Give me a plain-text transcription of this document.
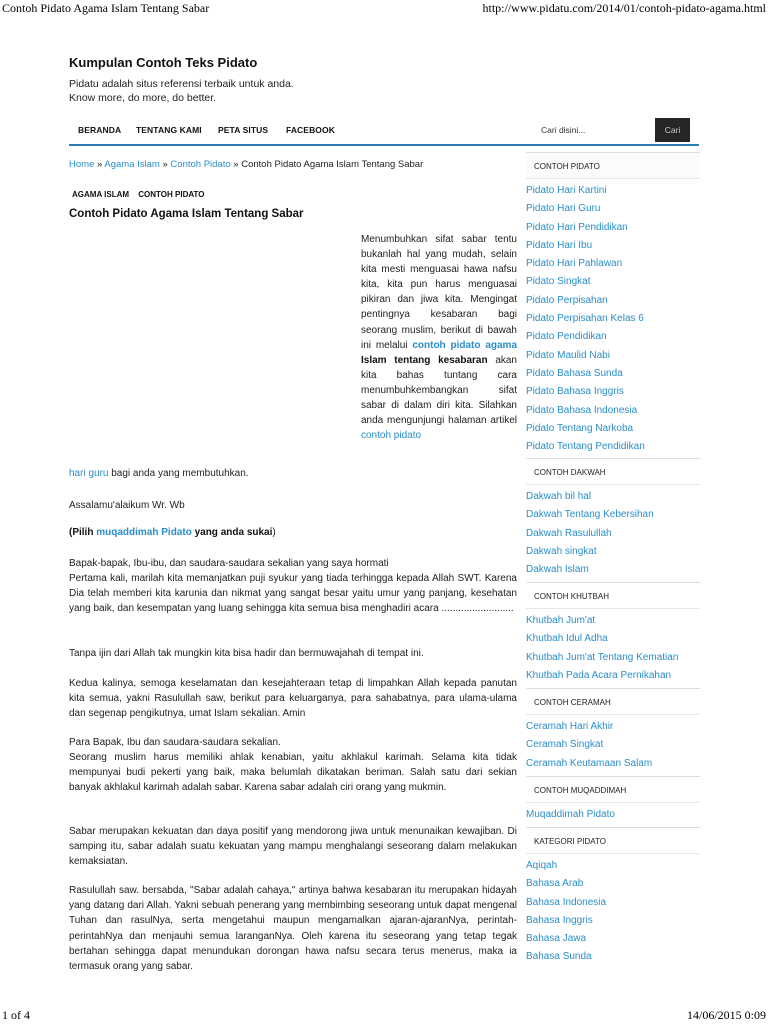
Contoh Pidato Agama Islam Tentang Sabar	http://www.pidatu.com/2014/01/contoh-pidato-agama.html
Kumpulan Contoh Teks Pidato
Pidatu adalah situs referensi terbaik untuk anda. Know more, do more, do better.
BERANDA TENTANG KAMI PETA SITUS FACEBOOK
Cari disini...	Cari
Home » Agama Islam » Contoh Pidato » Contoh Pidato Agama Islam Tentang Sabar
AGAMA ISLAM CONTOH PIDATO
Contoh Pidato Agama Islam Tentang Sabar
Menumbuhkan sifat sabar tentu bukanlah hal yang mudah, selain kita mesti menguasai hawa nafsu kita, kita pun harus menguasai pikiran dan jiwa kita. Mengingat pentingnya kesabaran bagi seorang muslim, berikut di bawah ini melalui contoh pidato agama Islam tentang kesabaran akan kita bahas tuntang cara menumbuhkembangkan sifat sabar di dalam diri kita. Silahkan anda mengunjungi halaman artikel contoh pidato
hari guru bagi anda yang membutuhkan.
Assalamu'alaikum Wr. Wb
(Pilih muqaddimah Pidato yang anda sukai)
Bapak-bapak, Ibu-ibu, dan saudara-saudara sekalian yang saya hormati
Pertama kali, marilah kita memanjatkan puji syukur yang tiada terhingga kepada Allah SWT. Karena Dia telah memberi kita karunia dan nikmat yang sangat besar yaitu umur yang panjang, kesehatan yang baik, dan kesempatan yang luang sehingga kita semua bisa menghadiri acara ..........................
Tanpa ijin dari Allah tak mungkin kita bisa hadir dan bermuwajahah di tempat ini.
Kedua kalinya, semoga keselamatan dan kesejahteraan tetap di limpahkan Allah kepada panutan kita semua, yakni Rasulullah saw, berikut para keluarganya, para sahabatnya, para ulama-ulama dan segenap pengikutnya, umat Islam sekalian. Amin
Para Bapak, Ibu dan saudara-saudara sekalian.
Seorang muslim harus memiliki ahlak kenabian, yaitu akhlakul karimah. Selama kita tidak mempunyai budi pekerti yang baik, maka belumlah dikatakan beriman. Salah satu dari sekian banyak akhlakul karimah adalah sabar. Karena sabar adalah ciri orang yang mukmin.
Sabar merupakan kekuatan dan daya positif yang mendorong jiwa untuk menunaikan kewajiban. Di samping itu, sabar adalah suatu kekuatan yang mampu menghalangi seseorang dalam melakukan kemaksiatan.
Rasulullah saw. bersabda, "Sabar adalah cahaya," artinya bahwa kesabaran itu merupakan hidayah yang datang dari Allah. Yakni sebuah penerang yang membimbing seseorang untuk dapat mengenal Tuhan dan rasulNya, serta mengetahui maupun mengamalkan ajaran-ajaranNya, perintah-perintahNya dan menjauhi semua laranganNya. Oleh karena itu seseorang yang tetap tegak bertahan sehingga dapat menundukan dorongan hawa nafsu secara terus menerus, maka ia termasuk orang yang sabar.
CONTOH PIDATO
Pidato Hari Kartini
Pidato Hari Guru
Pidato Hari Pendidikan
Pidato Hari Ibu
Pidato Hari Pahlawan
Pidato Singkat
Pidato Perpisahan
Pidato Perpisahan Kelas 6
Pidato Pendidikan
Pidato Maulid Nabi
Pidato Bahasa Sunda
Pidato Bahasa Inggris
Pidato Bahasa Indonesia
Pidato Tentang Narkoba
Pidato Tentang Pendidikan
CONTOH DAKWAH
Dakwah bil hal
Dakwah Tentang Kebersihan
Dakwah Rasulullah
Dakwah singkat
Dakwah Islam
CONTOH KHUTBAH
Khutbah Jum'at
Khutbah Idul Adha
Khutbah Jum'at Tentang Kematian
Khutbah Pada Acara Pernikahan
CONTOH CERAMAH
Ceramah Hari Akhir
Ceramah Singkat
Ceramah Keutamaan Salam
CONTOH MUQADDIMAH
Muqaddimah Pidato
KATEGORI PIDATO
Aqiqah
Bahasa Arab
Bahasa Indonesia
Bahasa Inggris
Bahasa Jawa
Bahasa Sunda
1 of 4	14/06/2015 0:09
